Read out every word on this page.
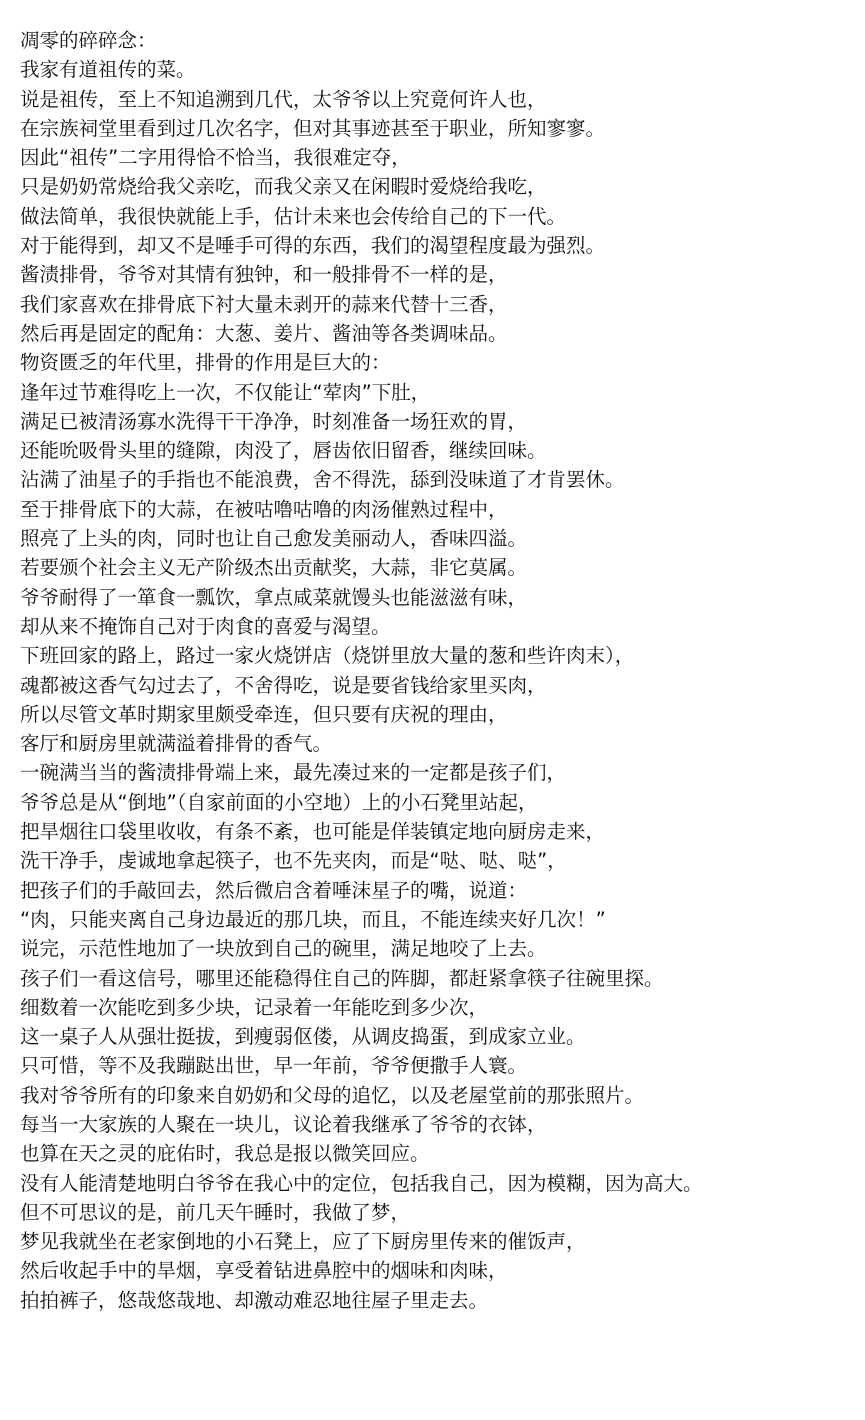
凋零的碎碎念：
我家有道祖传的菜。
说是祖传，至上不知追溯到几代，太爷爷以上究竟何许人也，
在宗族祠堂里看到过几次名字，但对其事迹甚至于职业，所知寥寥。
因此“祖传”二字用得恰不恰当，我很难定夺，
只是奶奶常烧给我父亲吃，而我父亲又在闲暇时爱烧给我吃，
做法简单，我很快就能上手，估计未来也会传给自己的下一代。
对于能得到，却又不是唾手可得的东西，我们的渴望程度最为强烈。
酱渍排骨，爷爷对其情有独钟，和一般排骨不一样的是，
我们家喜欢在排骨底下衬大量未剥开的蒜来代替十三香，
然后再是固定的配角：大葱、姜片、酱油等各类调味品。
物资匮乏的年代里，排骨的作用是巨大的：
逢年过节难得吃上一次，不仅能让“荤肉”下肚，
满足已被清汤寡水洗得干干净净，时刻准备一场狂欢的胃，
还能吮吸骨头里的缝隙，肉没了，唇齿依旧留香，继续回味。
沾满了油星子的手指也不能浪费，舍不得洗，舔到没味道了才肯罢休。
至于排骨底下的大蒜，在被咕噜咕噜的肉汤催熟过程中，
照亮了上头的肉，同时也让自己愈发美丽动人，香味四溢。
若要颁个社会主义无产阶级杰出贡献奖，大蒜，非它莫属。
爷爷耐得了一箪食一瓢饮，拿点咸菜就馒头也能滋滋有味，
却从来不掩饰自己对于肉食的喜爱与渴望。
下班回家的路上，路过一家火烧饼店（烧饼里放大量的葱和些许肉末），
魂都被这香气勾过去了，不舍得吃，说是要省钱给家里买肉，
所以尽管文革时期家里颇受牵连，但只要有庆祝的理由，
客厅和厨房里就满溢着排骨的香气。
一碗满当当的酱渍排骨端上来，最先凑过来的一定都是孩子们，
爷爷总是从“倒地”（自家前面的小空地）上的小石凳里站起，
把旱烟往口袋里收收，有条不紊，也可能是佯装镇定地向厨房走来，
洗干净手，虔诚地拿起筷子，也不先夹肉，而是“哒、哒、哒”，
把孩子们的手敲回去，然后微启含着唾沫星子的嘴，说道：
“肉，只能夹离自己身边最近的那几块，而且，不能连续夹好几次！”
说完，示范性地加了一块放到自己的碗里，满足地咬了上去。
孩子们一看这信号，哪里还能稳得住自己的阵脚，都赶紧拿筷子往碗里探。
细数着一次能吃到多少块，记录着一年能吃到多少次，
这一桌子人从强壮挺拔，到瘦弱伛偻，从调皮捣蛋，到成家立业。
只可惜，等不及我蹦跶出世，早一年前，爷爷便撒手人寰。
我对爷爷所有的印象来自奶奶和父母的追忆，以及老屋堂前的那张照片。
每当一大家族的人聚在一块儿，议论着我继承了爷爷的衣钵，
也算在天之灵的庇佑时，我总是报以微笑回应。
没有人能清楚地明白爷爷在我心中的定位，包括我自己，因为模糊，因为高大。
但不可思议的是，前几天午睡时，我做了梦，
梦见我就坐在老家倒地的小石凳上，应了下厨房里传来的催饭声，
然后收起手中的旱烟，享受着钻进鼻腔中的烟味和肉味，
拍拍裤子，悠哉悠哉地、却激动难忍地往屋子里走去。
